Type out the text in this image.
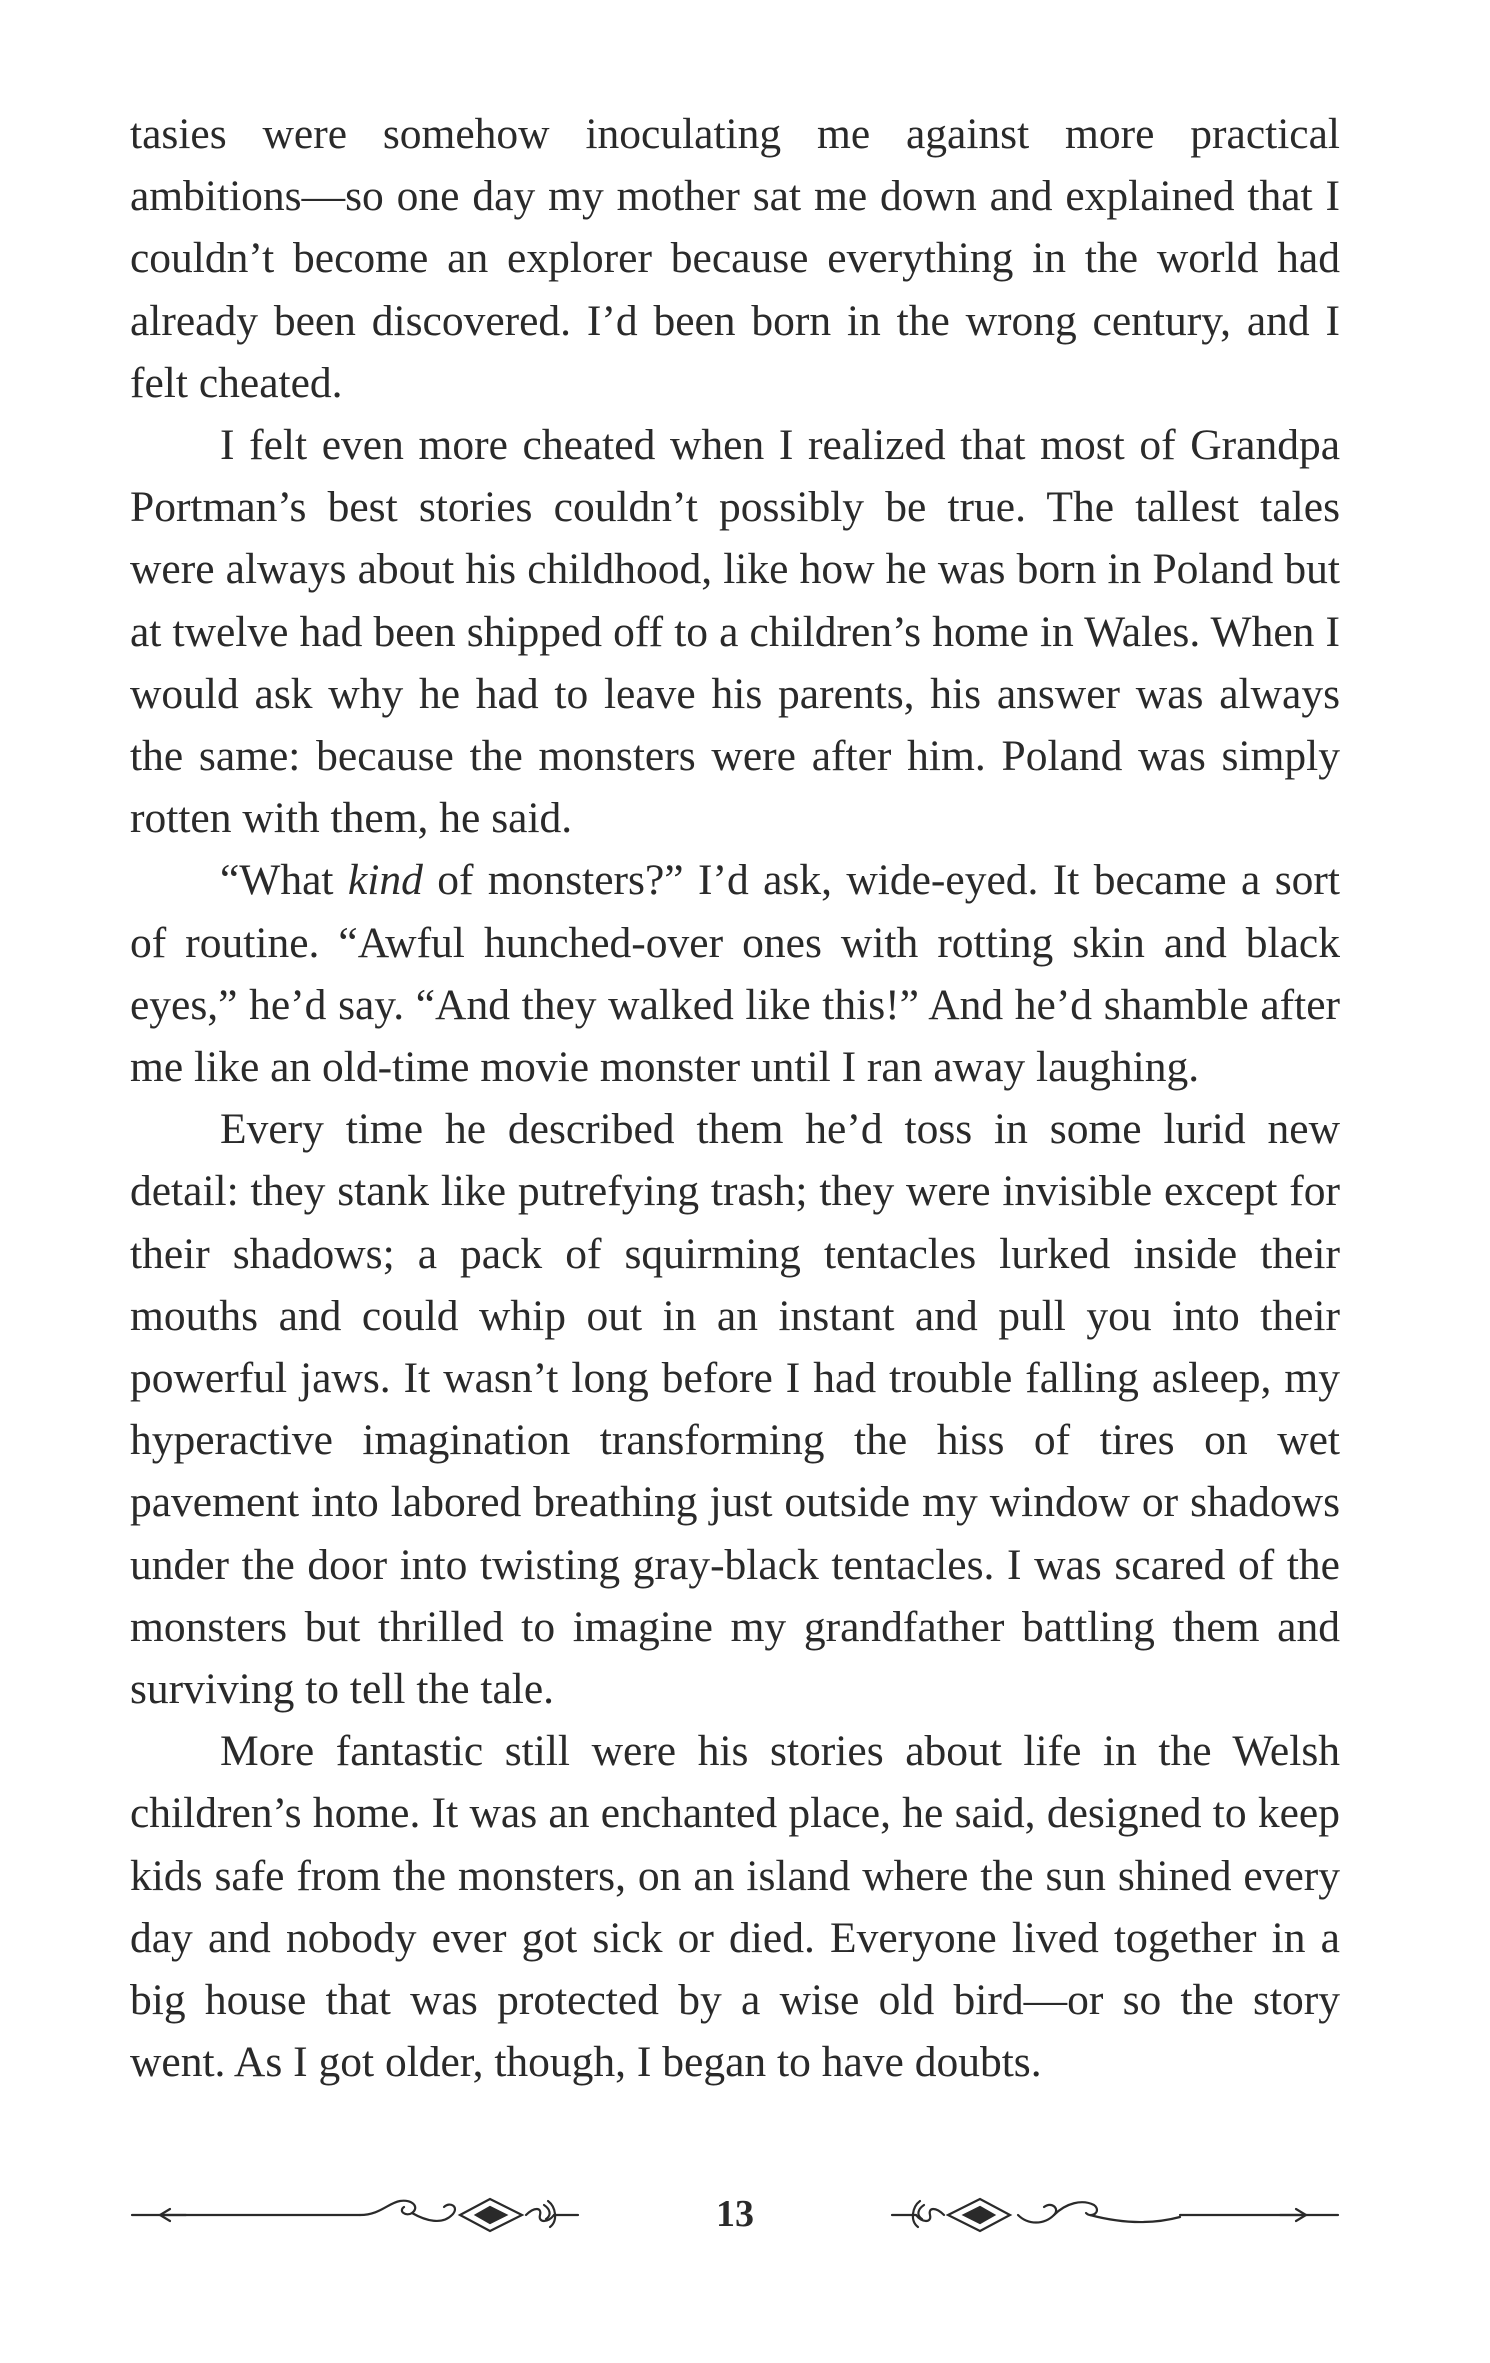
tasies were somehow inoculating me against more practical ambitions—so one day my mother sat me down and explained that I couldn’t become an explorer because everything in the world had already been discovered. I’d been born in the wrong century, and I felt cheated.

I felt even more cheated when I realized that most of Grandpa Portman’s best stories couldn’t possibly be true. The tallest tales were always about his childhood, like how he was born in Poland but at twelve had been shipped off to a children’s home in Wales. When I would ask why he had to leave his parents, his answer was always the same: because the monsters were after him. Poland was simply rotten with them, he said.

“What kind of monsters?” I’d ask, wide-eyed. It became a sort of routine. “Awful hunched-over ones with rotting skin and black eyes,” he’d say. “And they walked like this!” And he’d shamble after me like an old-time movie monster until I ran away laughing.

Every time he described them he’d toss in some lurid new detail: they stank like putrefying trash; they were invisible except for their shadows; a pack of squirming tentacles lurked inside their mouths and could whip out in an instant and pull you into their powerful jaws. It wasn’t long before I had trouble falling asleep, my hyperactive imagination transforming the hiss of tires on wet pavement into labored breathing just outside my window or shadows under the door into twisting gray-black tentacles. I was scared of the monsters but thrilled to imagine my grandfather battling them and surviving to tell the tale.

More fantastic still were his stories about life in the Welsh children’s home. It was an enchanted place, he said, designed to keep kids safe from the monsters, on an island where the sun shined every day and nobody ever got sick or died. Everyone lived together in a big house that was protected by a wise old bird—or so the story went. As I got older, though, I began to have doubts.

13
